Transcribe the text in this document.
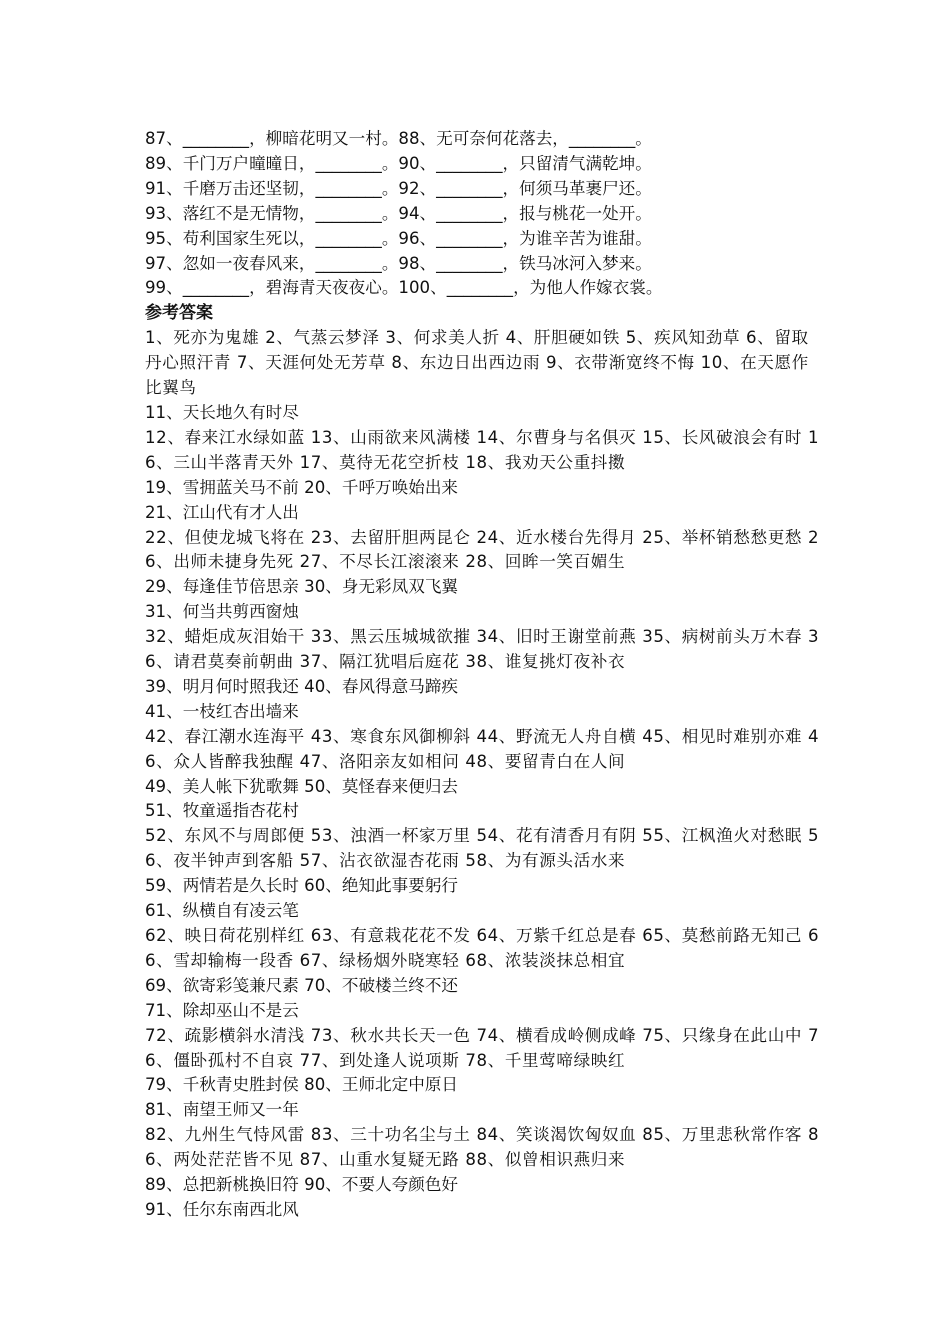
87、________，柳暗花明又一村。88、无可奈何花落去，________。

89、千门万户曈曈日，________。90、________，只留清气满乾坤。

91、千磨万击还坚韧，________。92、________，何须马革裹尸还。

93、落红不是无情物，________。94、________，报与桃花一处开。

95、苟利国家生死以，________。96、________，为谁辛苦为谁甜。

97、忽如一夜春风来，________。98、________，铁马冰河入梦来。

99、________，碧海青天夜夜心。100、________，为他人作嫁衣裳。

参考答案

1、死亦为鬼雄 2、气蒸云梦泽 3、何求美人折 4、肝胆硬如铁 5、疾风知劲草 6、留取丹心照汗青 7、天涯何处无芳草 8、东边日出西边雨 9、衣带渐宽终不悔 10、在天愿作比翼鸟

11、天长地久有时尽

12、春来江水绿如蓝 13、山雨欲来风满楼 14、尔曹身与名俱灭 15、长风破浪会有时 16、三山半落青天外 17、莫待无花空折枝 18、我劝天公重抖擞

19、雪拥蓝关马不前 20、千呼万唤始出来

21、江山代有才人出

22、但使龙城飞将在 23、去留肝胆两昆仑 24、近水楼台先得月 25、举杯销愁愁更愁 26、出师未捷身先死 27、不尽长江滚滚来 28、回眸一笑百媚生

29、每逢佳节倍思亲 30、身无彩凤双飞翼

31、何当共剪西窗烛

32、蜡炬成灰泪始干 33、黑云压城城欲摧 34、旧时王谢堂前燕 35、病树前头万木春 36、请君莫奏前朝曲 37、隔江犹唱后庭花 38、谁复挑灯夜补衣

39、明月何时照我还 40、春风得意马蹄疾

41、一枝红杏出墙来

42、春江潮水连海平 43、寒食东风御柳斜 44、野流无人舟自横 45、相见时难别亦难 46、众人皆醉我独醒 47、洛阳亲友如相问 48、要留青白在人间

49、美人帐下犹歌舞 50、莫怪春来便归去

51、牧童遥指杏花村

52、东风不与周郎便 53、浊酒一杯家万里 54、花有清香月有阴 55、江枫渔火对愁眠 56、夜半钟声到客船 57、沾衣欲湿杏花雨 58、为有源头活水来

59、两情若是久长时 60、绝知此事要躬行

61、纵横自有凌云笔

62、映日荷花别样红 63、有意栽花花不发 64、万紫千红总是春 65、莫愁前路无知己 66、雪却输梅一段香 67、绿杨烟外晓寒轻 68、浓装淡抹总相宜

69、欲寄彩笺兼尺素 70、不破楼兰终不还

71、除却巫山不是云

72、疏影横斜水清浅 73、秋水共长天一色 74、横看成岭侧成峰 75、只缘身在此山中 76、僵卧孤村不自哀 77、到处逢人说项斯 78、千里莺啼绿映红

79、千秋青史胜封侯 80、王师北定中原日

81、南望王师又一年

82、九州生气恃风雷 83、三十功名尘与土 84、笑谈渴饮匈奴血 85、万里悲秋常作客 86、两处茫茫皆不见 87、山重水复疑无路 88、似曾相识燕归来

89、总把新桃换旧符 90、不要人夸颜色好

91、任尔东南西北风
